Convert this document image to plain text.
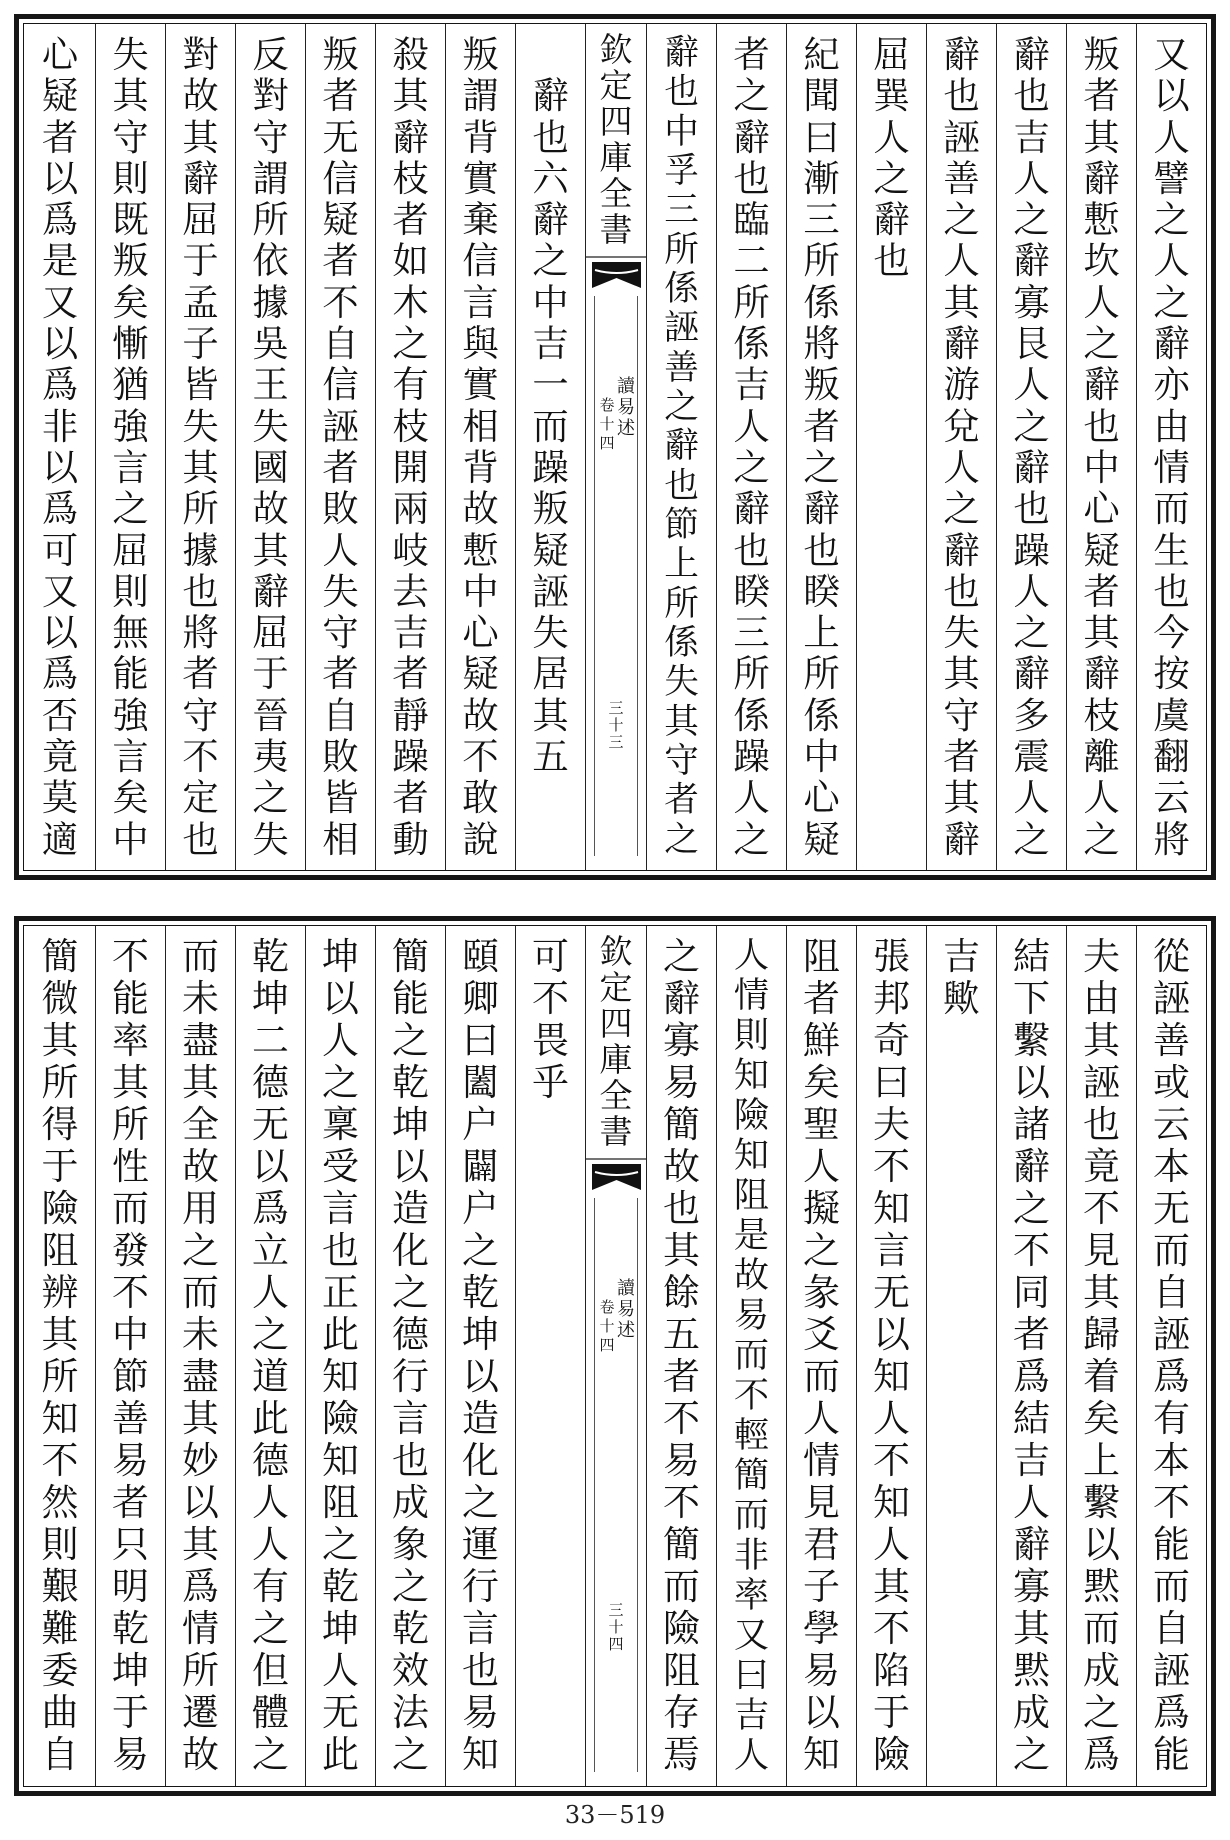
又
以
人
譬
之
人
之
辭
亦
由
情
而
生
也
今
按
虞
翻
云
將
叛
者
其
辭
慙
坎
人
之
辭
也
中
心
疑
者
其
辭
枝
離
人
之
辭
也
吉
人
之
辭
寡
艮
人
之
辭
也
躁
人
之
辭
多
震
人
之
辭
也
誣
善
之
人
其
辭
游
兌
人
之
辭
也
失
其
守
者
其
辭
屈
巽
人
之
辭
也
紀
聞
曰
漸
三
所
係
將
叛
者
之
辭
也
睽
上
所
係
中
心
疑
者
之
辭
也
臨
二
所
係
吉
人
之
辭
也
睽
三
所
係
躁
人
之
辭
也
中
孚
三
所
係
誣
善
之
辭
也
節
上
所
係
失
其
守
者
之
欽
定
四
庫
全
書
讀
易
述
卷
十
四
三
十
三
辭
也
六
辭
之
中
吉
一
而
躁
叛
疑
誣
失
居
其
五
叛
謂
背
實
棄
信
言
與
實
相
背
故
慙
中
心
疑
故
不
敢
說
殺
其
辭
枝
者
如
木
之
有
枝
開
兩
岐
去
吉
者
靜
躁
者
動
叛
者
无
信
疑
者
不
自
信
誣
者
敗
人
失
守
者
自
敗
皆
相
反
對
守
謂
所
依
據
吳
王
失
國
故
其
辭
屈
于
晉
夷
之
失
對
故
其
辭
屈
于
孟
子
皆
失
其
所
據
也
將
者
守
不
定
也
失
其
守
則
既
叛
矣
慚
猶
強
言
之
屈
則
無
能
強
言
矣
中
心
疑
者
以
爲
是
又
以
爲
非
以
爲
可
又
以
爲
否
竟
莫
適
從
誣
善
或
云
本
无
而
自
誣
爲
有
本
不
能
而
自
誣
爲
能
夫
由
其
誣
也
竟
不
見
其
歸
着
矣
上
繫
以
黙
而
成
之
爲
結
下
繫
以
諸
辭
之
不
同
者
爲
結
吉
人
辭
寡
其
黙
成
之
吉
歟
張
邦
奇
曰
夫
不
知
言
无
以
知
人
不
知
人
其
不
陷
于
險
阻
者
鮮
矣
聖
人
擬
之
彖
爻
而
人
情
見
君
子
學
易
以
知
人
情
則
知
險
知
阻
是
故
易
而
不
輕
簡
而
非
率
又
曰
吉
人
之
辭
寡
易
簡
故
也
其
餘
五
者
不
易
不
簡
而
險
阻
存
焉
欽
定
四
庫
全
書
讀
易
述
卷
十
四
三
十
四
可
不
畏
乎
頤
卿
曰
闔
户
闢
户
之
乾
坤
以
造
化
之
運
行
言
也
易
知
簡
能
之
乾
坤
以
造
化
之
德
行
言
也
成
象
之
乾
效
法
之
坤
以
人
之
稟
受
言
也
正
此
知
險
知
阻
之
乾
坤
人
无
此
乾
坤
二
德
无
以
爲
立
人
之
道
此
德
人
人
有
之
但
體
之
而
未
盡
其
全
故
用
之
而
未
盡
其
妙
以
其
爲
情
所
遷
故
不
能
率
其
所
性
而
發
不
中
節
善
易
者
只
明
乾
坤
于
易
簡
微
其
所
得
于
險
阻
辨
其
所
知
不
然
則
艱
難
委
曲
自
33－519
